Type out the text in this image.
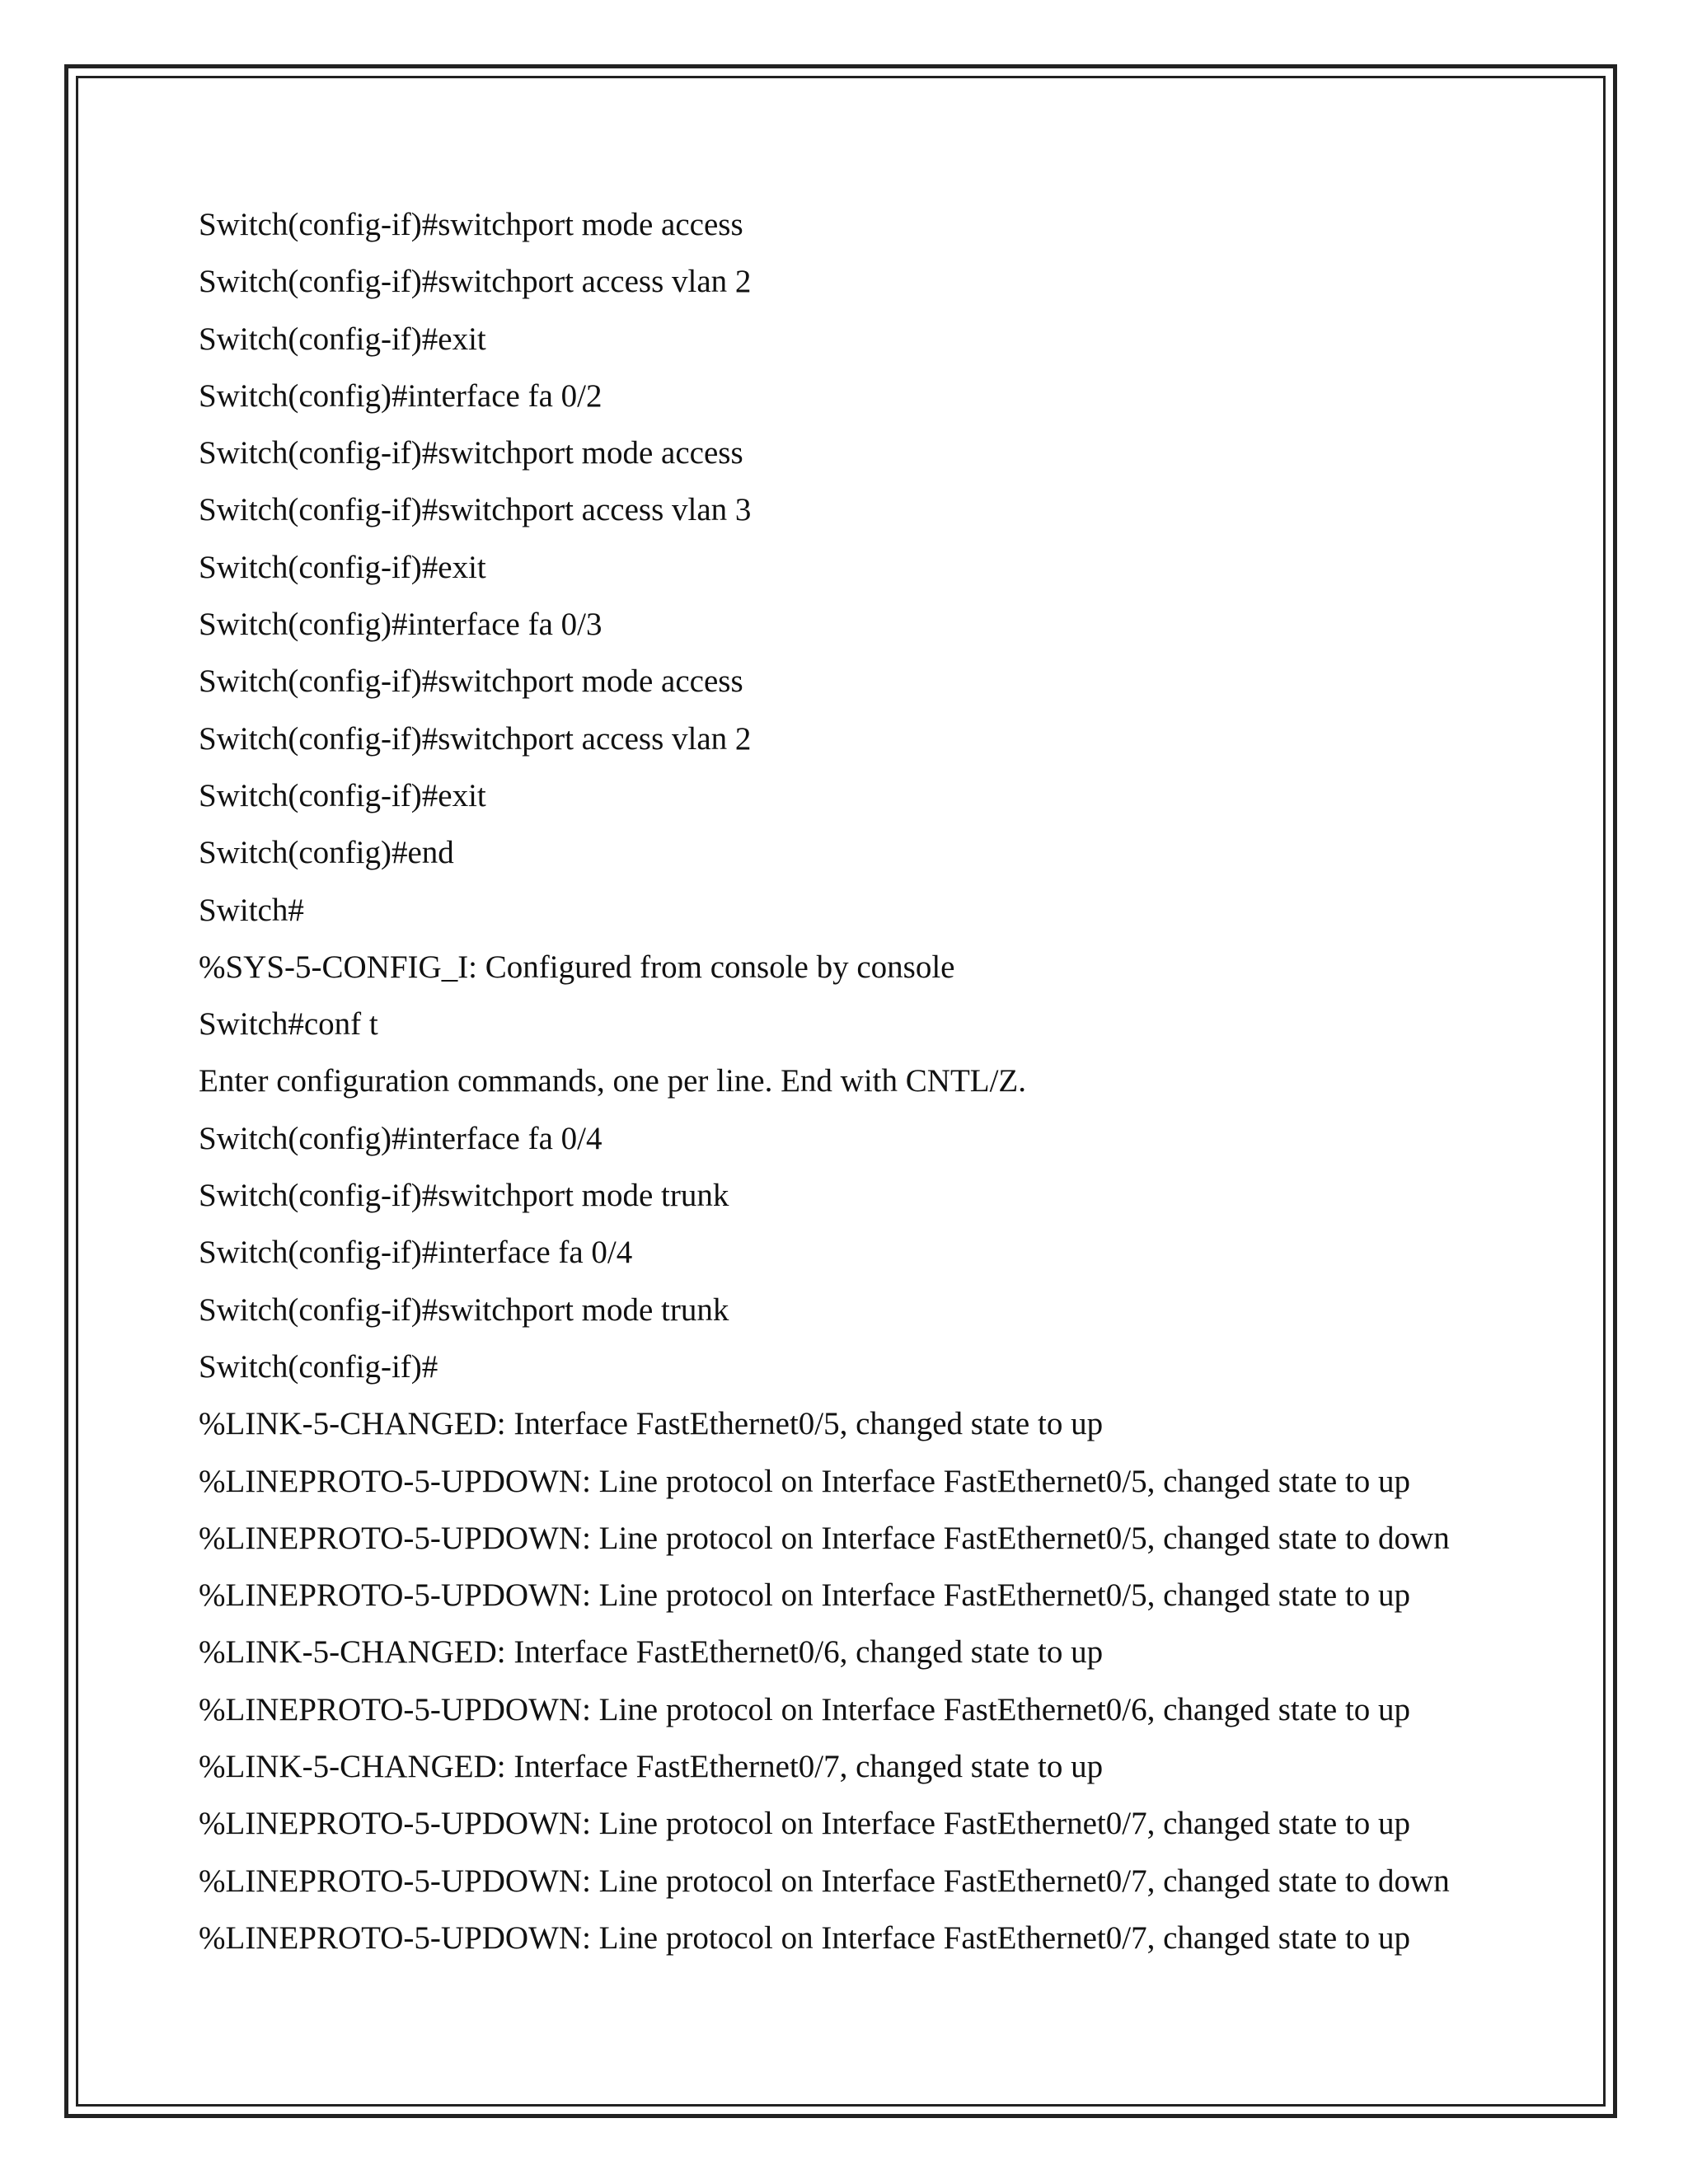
Switch(config-if)#switchport mode access
Switch(config-if)#switchport access vlan 2
Switch(config-if)#exit
Switch(config)#interface fa 0/2
Switch(config-if)#switchport mode access
Switch(config-if)#switchport access vlan 3
Switch(config-if)#exit
Switch(config)#interface fa 0/3
Switch(config-if)#switchport mode access
Switch(config-if)#switchport access vlan 2
Switch(config-if)#exit
Switch(config)#end
Switch#
%SYS-5-CONFIG_I: Configured from console by console
Switch#conf t
Enter configuration commands, one per line. End with CNTL/Z.
Switch(config)#interface fa 0/4
Switch(config-if)#switchport mode trunk
Switch(config-if)#interface fa 0/4
Switch(config-if)#switchport mode trunk
Switch(config-if)#
%LINK-5-CHANGED: Interface FastEthernet0/5, changed state to up
%LINEPROTO-5-UPDOWN: Line protocol on Interface FastEthernet0/5, changed state to up
%LINEPROTO-5-UPDOWN: Line protocol on Interface FastEthernet0/5, changed state to down
%LINEPROTO-5-UPDOWN: Line protocol on Interface FastEthernet0/5, changed state to up
%LINK-5-CHANGED: Interface FastEthernet0/6, changed state to up
%LINEPROTO-5-UPDOWN: Line protocol on Interface FastEthernet0/6, changed state to up
%LINK-5-CHANGED: Interface FastEthernet0/7, changed state to up
%LINEPROTO-5-UPDOWN: Line protocol on Interface FastEthernet0/7, changed state to up
%LINEPROTO-5-UPDOWN: Line protocol on Interface FastEthernet0/7, changed state to down
%LINEPROTO-5-UPDOWN: Line protocol on Interface FastEthernet0/7, changed state to up
